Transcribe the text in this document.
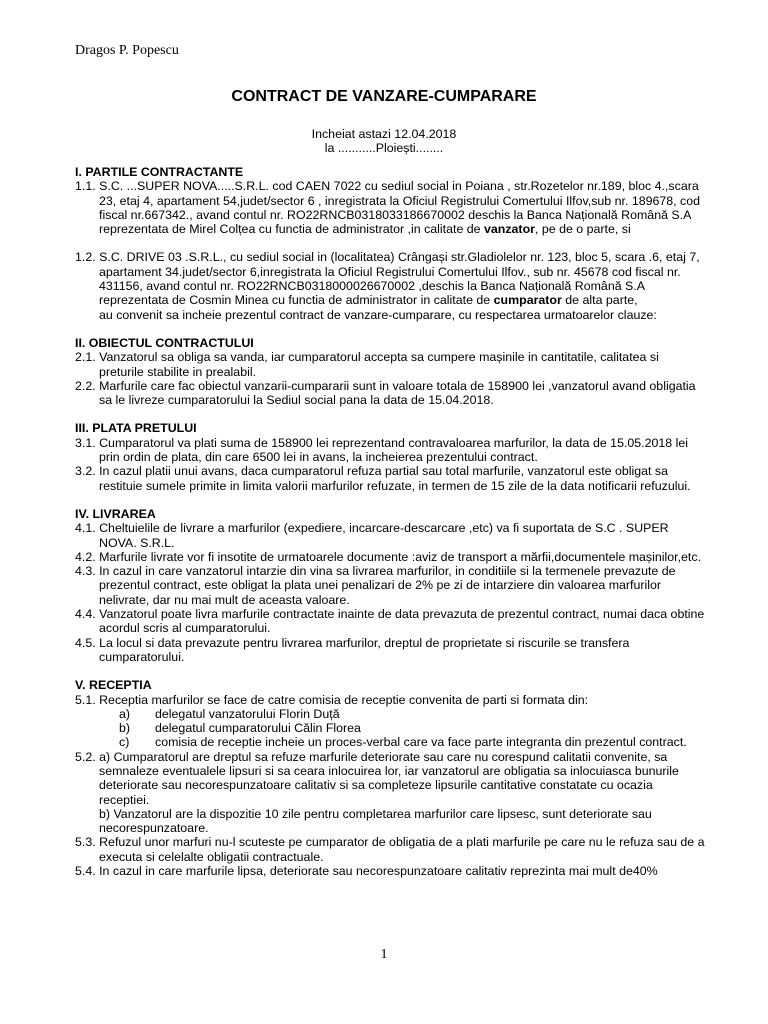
Dragos P. Popescu
CONTRACT DE VANZARE-CUMPARARE
Incheiat astazi 12.04.2018
la ...........Ploiești........
I. PARTILE CONTRACTANTE

1.1. S.C. ...SUPER NOVA.....S.R.L. cod CAEN 7022 cu sediul social in Poiana , str.Rozetelor nr.189, bloc 4.,scara 23, etaj 4, apartament 54,judet/sector 6 , inregistrata la Oficiul Registrului Comertului Ilfov,sub nr. 189678, cod fiscal nr.667342., avand contul nr. RO22RNCB0318033186670002 deschis la Banca Națională Română S.A reprezentata de Mirel Colțea cu functia de administrator ,in calitate de vanzator, pe de o parte, si

1.2. S.C. DRIVE 03 .S.R.L., cu sediul social in (localitatea) Crângași str.Gladiolelor nr. 123, bloc 5, scara .6, etaj 7, apartament 34.judet/sector 6,inregistrata la Oficiul Registrului Comertului Ilfov., sub nr. 45678 cod fiscal nr. 431156, avand contul nr. RO22RNCB0318000026670002 ,deschis la Banca Națională Română S.A reprezentata de Cosmin Minea cu functia de administrator in calitate de cumparator de alta parte,

au convenit sa incheie prezentul contract de vanzare-cumparare, cu respectarea urmatoarelor clauze:

II. OBIECTUL CONTRACTULUI

2.1. Vanzatorul sa obliga sa vanda, iar cumparatorul accepta sa cumpere mașinile in cantitatile, calitatea si preturile stabilite in prealabil.

2.2. Marfurile care fac obiectul vanzarii-cumpararii sunt in valoare totala de 158900 lei ,vanzatorul avand obligatia sa le livreze cumparatorului la Sediul social pana la data de 15.04.2018.

III. PLATA PRETULUI

3.1. Cumparatorul va plati suma de 158900 lei reprezentand contravaloarea marfurilor, la data de 15.05.2018 lei prin ordin de plata, din care 6500 lei in avans, la incheierea prezentului contract.

3.2. In cazul platii unui avans, daca cumparatorul refuza partial sau total marfurile, vanzatorul este obligat sa restituie sumele primite in limita valorii marfurilor refuzate, in termen de 15 zile de la data notificarii refuzului.

IV. LIVRAREA

4.1. Cheltuielile de livrare a marfurilor (expediere, incarcare-descarcare ,etc) va fi suportata de S.C . SUPER NOVA. S.R.L.

4.2. Marfurile livrate vor fi insotite de urmatoarele documente :aviz de transport a mărfii,documentele mașinilor,etc.

4.3. In cazul in care vanzatorul intarzie din vina sa livrarea marfurilor, in conditiile si la termenele prevazute de prezentul contract, este obligat la plata unei penalizari de 2% pe zi de intarziere din valoarea marfurilor nelivrate, dar nu mai mult de aceasta valoare.

4.4. Vanzatorul poate livra marfurile contractate inainte de data prevazuta de prezentul contract, numai daca obtine acordul scris al cumparatorului.

4.5. La locul si data prevazute pentru livrarea marfurilor, dreptul de proprietate si riscurile se transfera cumparatorului.

V. RECEPTIA

5.1. Receptia marfurilor se face de catre comisia de receptie convenita de parti si formata din:

a) delegatul vanzatorului Florin Duță

b) delegatul cumparatorului Călin Florea

c) comisia de receptie incheie un proces-verbal care va face parte integranta din prezentul contract.

5.2. a) Cumparatorul are dreptul sa refuze marfurile deteriorate sau care nu corespund calitatii convenite, sa semnaleze eventualele lipsuri si sa ceara inlocuirea lor, iar vanzatorul are obligatia sa inlocuiasca bunurile deteriorate sau necorespunzatoare calitativ si sa completeze lipsurile cantitative constatate cu ocazia receptiei.

b) Vanzatorul are la dispozitie 10 zile pentru completarea marfurilor care lipsesc, sunt deteriorate sau necorespunzatoare.

5.3. Refuzul unor marfuri nu-l scuteste pe cumparator de obligatia de a plati marfurile pe care nu le refuza sau de a executa si celelalte obligatii contractuale.

5.4. In cazul in care marfurile lipsa, deteriorate sau necorespunzatoare calitativ reprezinta mai mult de40%

1
